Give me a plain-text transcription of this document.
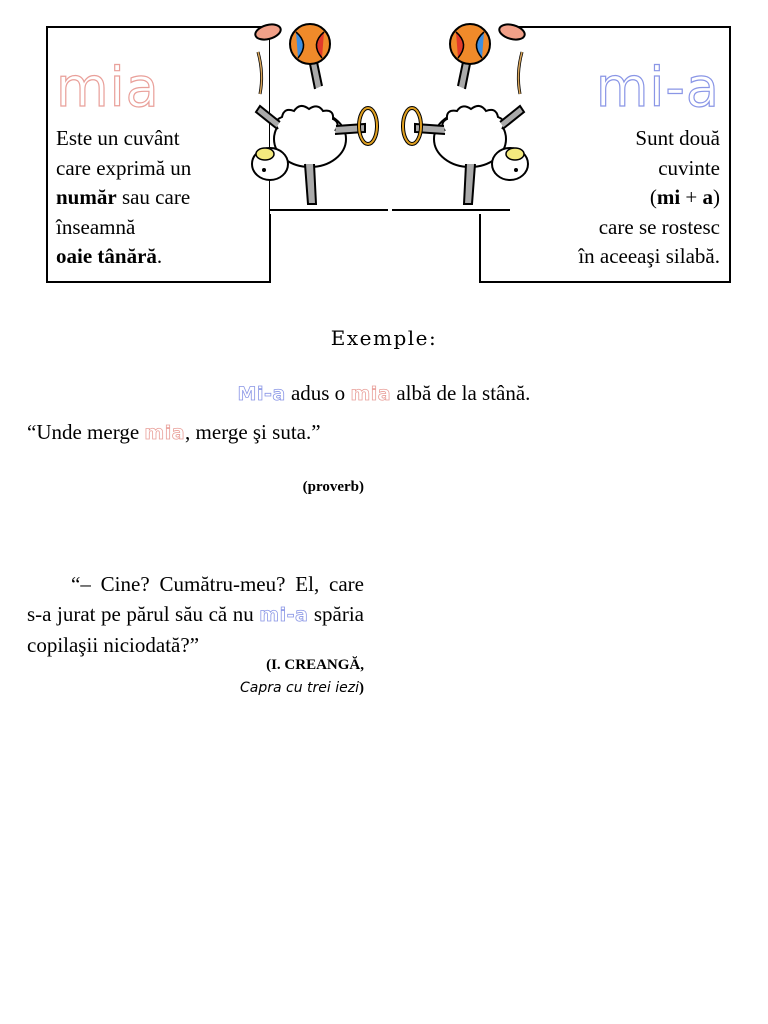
mia
Este un cuvânt
care exprimă un
număr sau care
înseamnă
oaie tânără.
mi-a
Sunt două
cuvinte
(mi + a)
care se rostesc
în aceeaşi silabă.
Exemple:
Mi-a adus o mia albă de la stână.
“Unde merge mia, merge şi suta.”
(proverb)
“– Cine? Cumătru-meu? El, care s-a jurat pe părul său că nu mi-a spăria copilaşii niciodată?”
(I. CREANGĂ,
Capra cu trei iezi)
